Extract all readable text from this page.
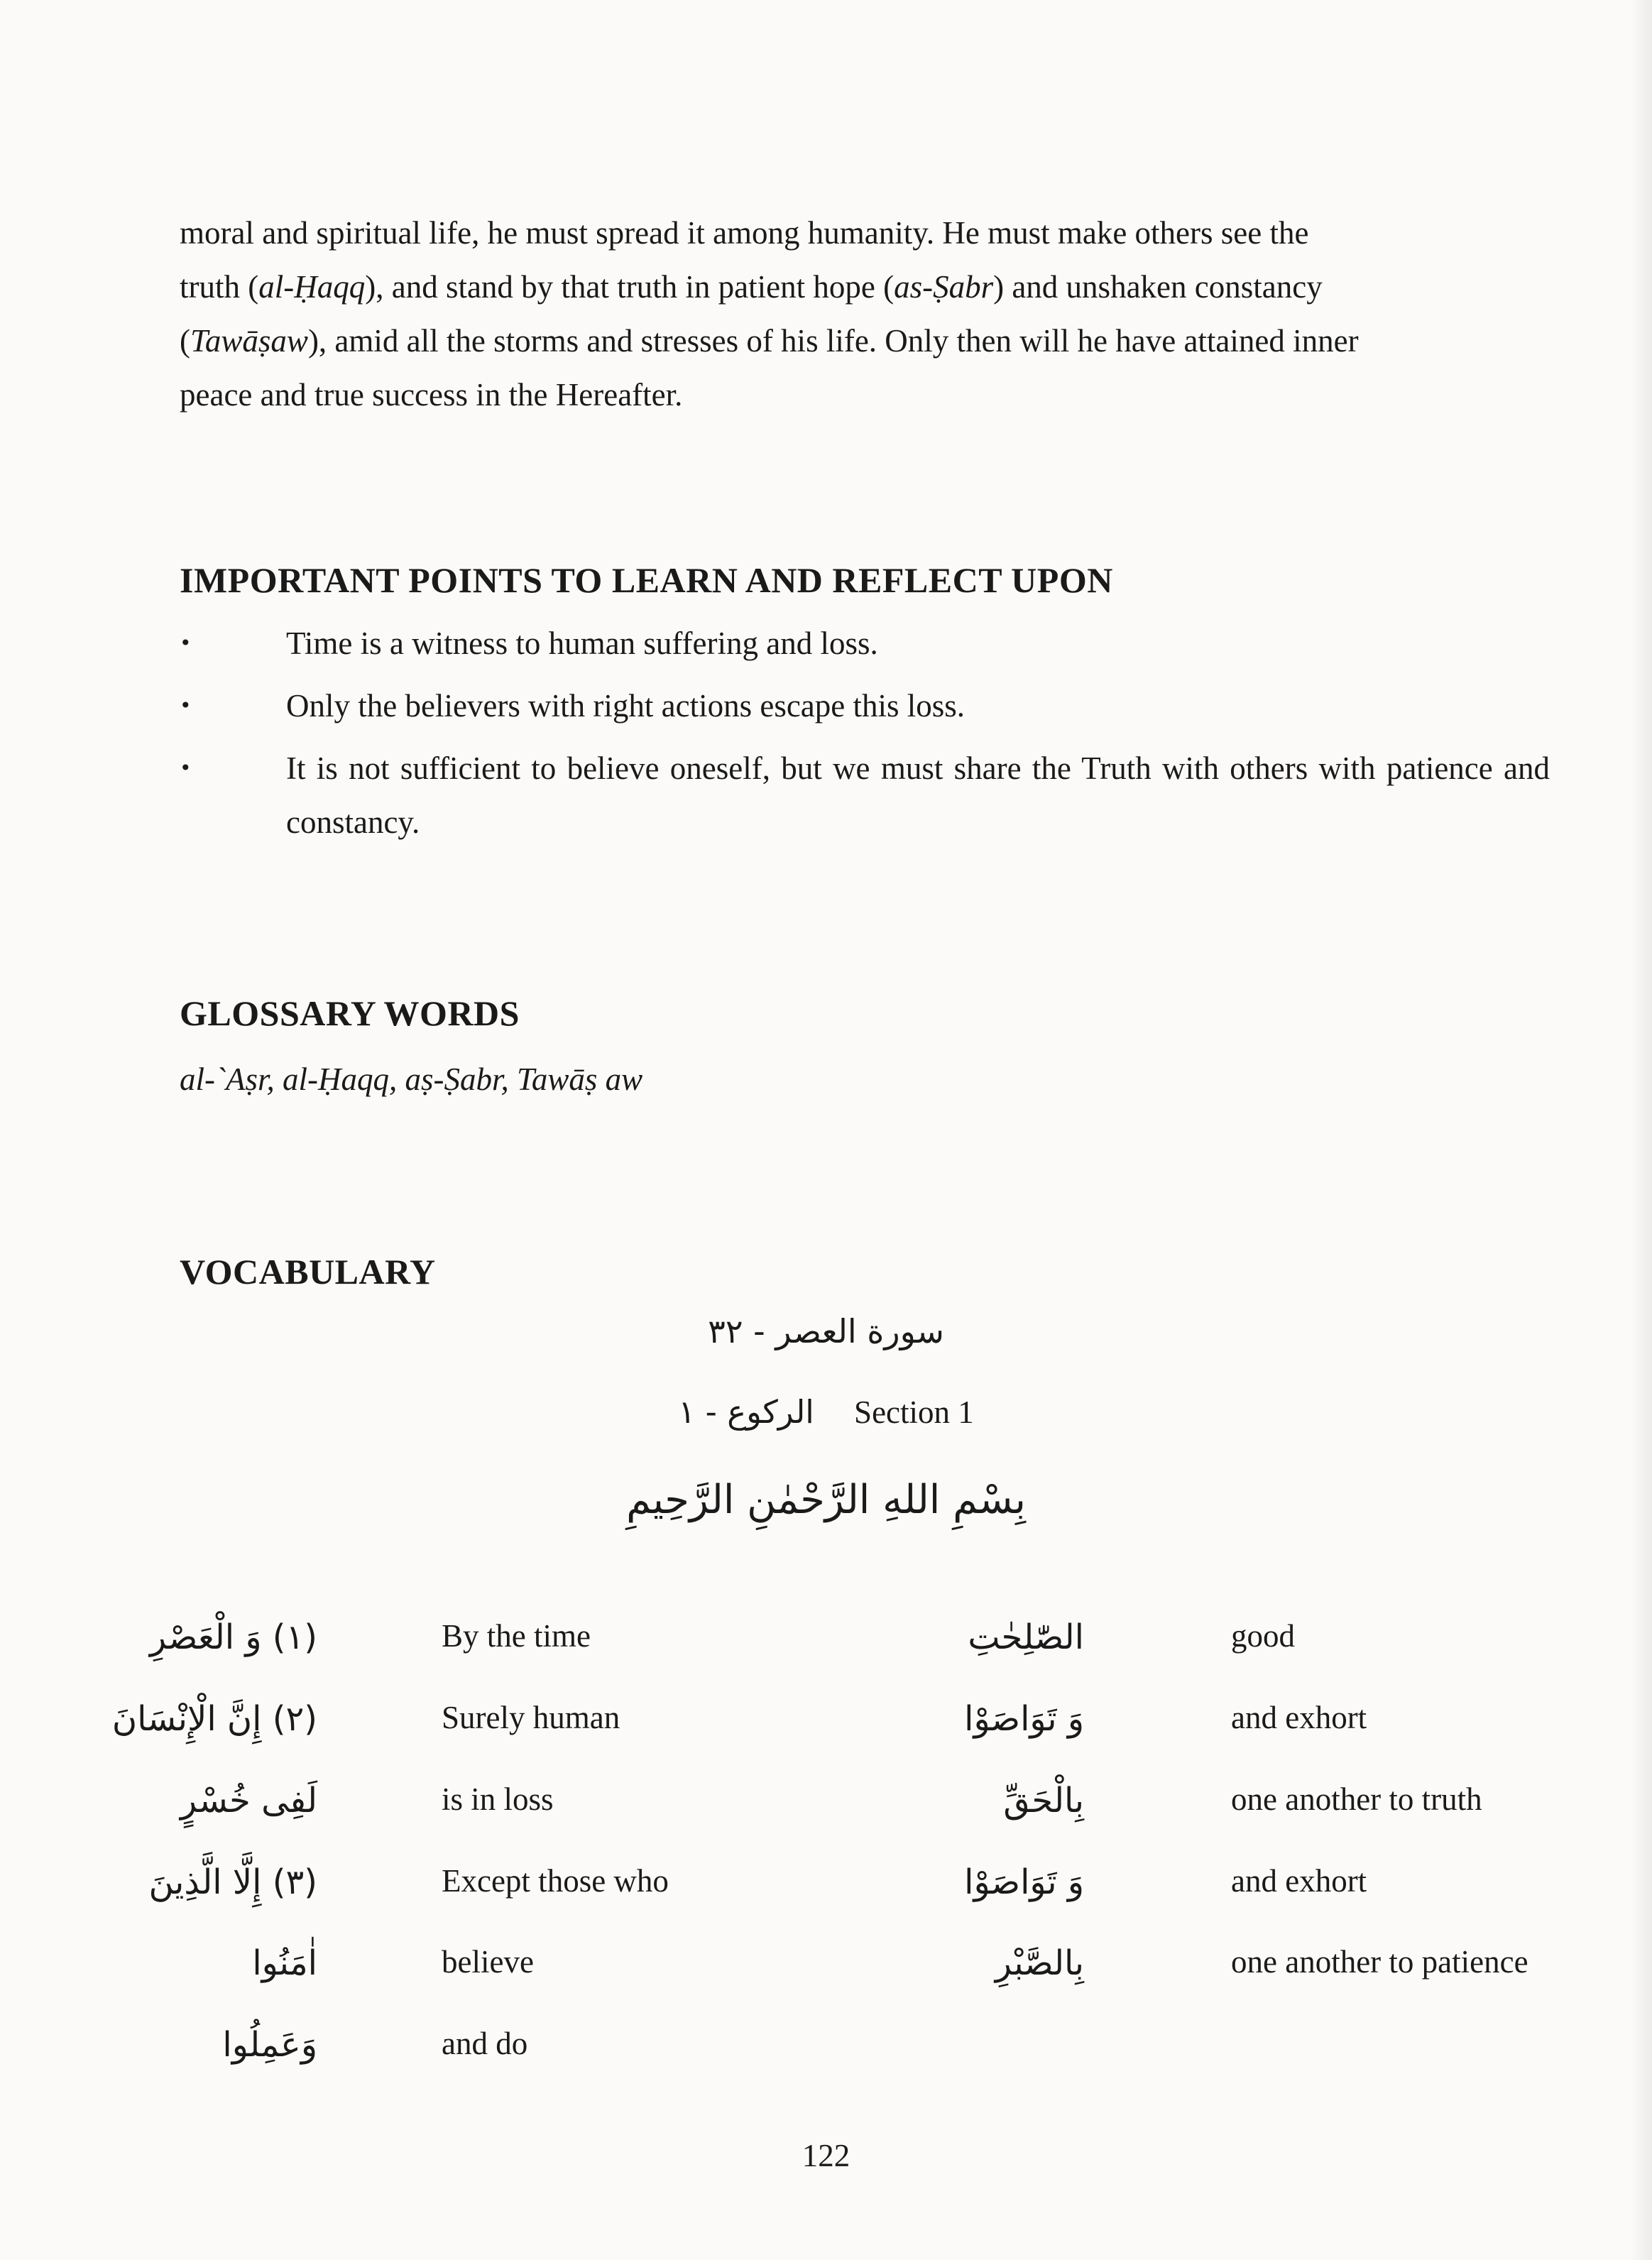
moral and spiritual life, he must spread it among humanity. He must make others see the
truth (al-Ḥaqq), and stand by that truth in patient hope (as-Ṣabr) and unshaken constancy
(Tawāṣaw), amid all the storms and stresses of his life. Only then will he have attained inner
peace and true success in the Hereafter.
IMPORTANT POINTS TO LEARN AND REFLECT UPON
•	Time is a witness to human suffering and loss.
•	Only the believers with right actions escape this loss.
•	It is not sufficient to believe oneself, but we must share the Truth with others with patience and constancy.
GLOSSARY WORDS
al-`Aṣr, al-Ḥaqq, aṣ-Ṣabr, Tawāṣ aw
VOCABULARY
سورة العصر - ٣٢
الركوع - ١ Section 1
بِسْمِ اللهِ الرَّحْمٰنِ الرَّحِيمِ
(١) وَ الْعَصْرِ	By the time	الصّٰلِحٰتِ	good
(٢) إِنَّ الْإِنْسَانَ	Surely human	وَ تَوَاصَوْا	and exhort
لَفِى خُسْرٍ	is in loss	بِالْحَقِّ	one another to truth
(٣) إِلَّا الَّذِينَ	Except those who	وَ تَوَاصَوْا	and exhort
اٰمَنُوا	believe	بِالصَّبْرِ	one another to patience
وَعَمِلُوا	and do
122
